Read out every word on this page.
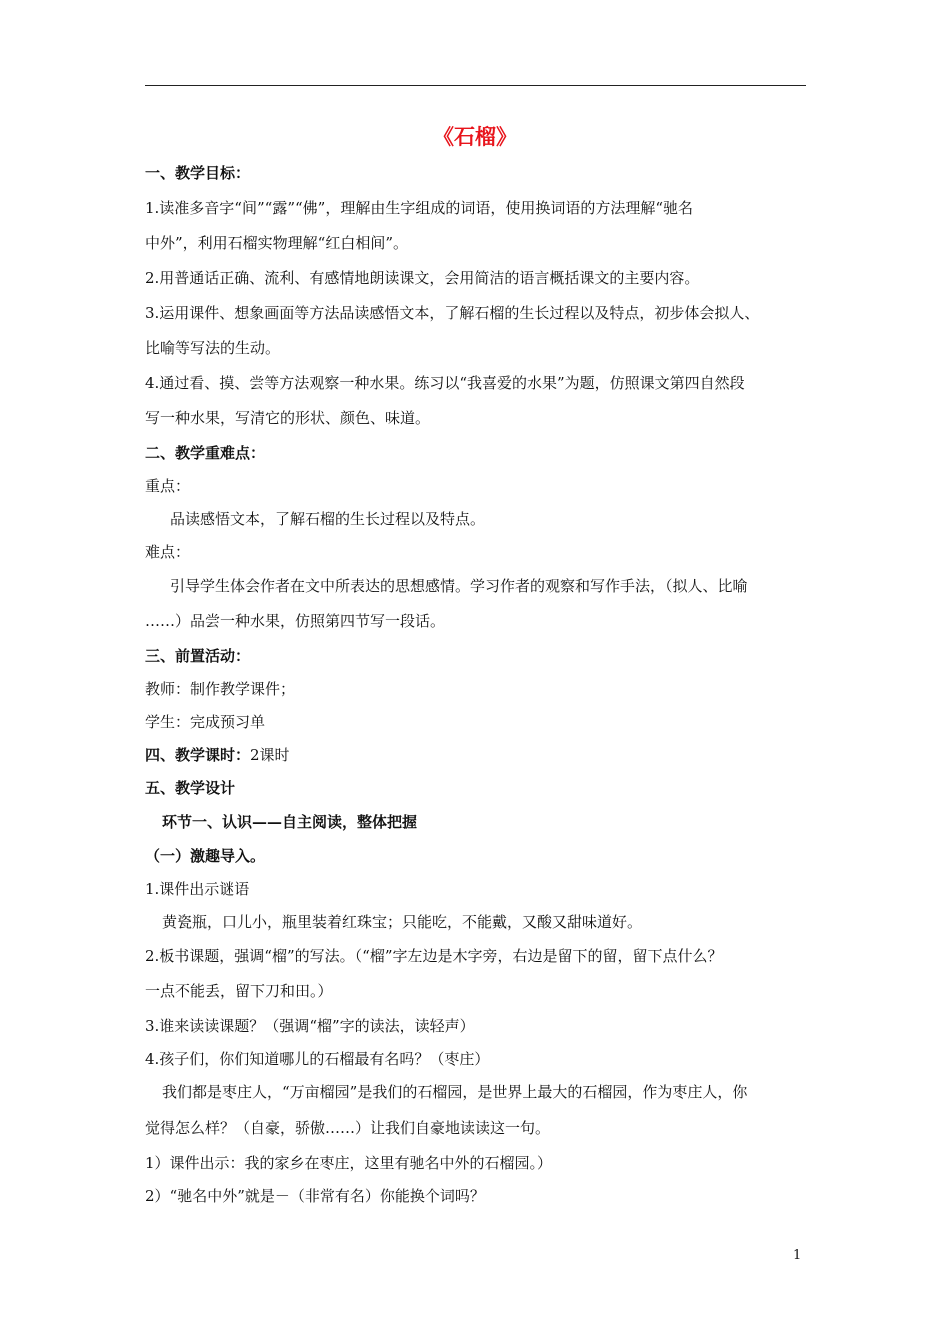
《石榴》
一、教学目标：
1.读准多音字“间”“露”“佛”，理解由生字组成的词语，使用换词语的方法理解“驰名
中外”，利用石榴实物理解“红白相间”。
2.用普通话正确、流利、有感情地朗读课文，会用简洁的语言概括课文的主要内容。
3.运用课件、想象画面等方法品读感悟文本，了解石榴的生长过程以及特点，初步体会拟人、
比喻等写法的生动。
4.通过看、摸、尝等方法观察一种水果。练习以“我喜爱的水果”为题，仿照课文第四自然段
写一种水果，写清它的形状、颜色、味道。
二、教学重难点：
重点：
品读感悟文本，了解石榴的生长过程以及特点。
难点：
引导学生体会作者在文中所表达的思想感情。学习作者的观察和写作手法，（拟人、比喻
……）品尝一种水果，仿照第四节写一段话。
三、前置活动：
教师：制作教学课件；
学生：完成预习单
四、教学课时：2课时
五、教学设计
环节一、认识——自主阅读，整体把握
（一）激趣导入。
1.课件出示谜语
黄瓷瓶，口儿小，瓶里装着红珠宝；只能吃，不能戴，又酸又甜味道好。
2.板书课题，强调“榴”的写法。（“榴”字左边是木字旁，右边是留下的留，留下点什么？
一点不能丢，留下刀和田。）
3.谁来读读课题？（强调“榴”字的读法，读轻声）
4.孩子们，你们知道哪儿的石榴最有名吗？（枣庄）
我们都是枣庄人，“万亩榴园”是我们的石榴园，是世界上最大的石榴园，作为枣庄人，你
觉得怎么样？（自豪，骄傲……）让我们自豪地读读这一句。
1）课件出示：我的家乡在枣庄，这里有驰名中外的石榴园。）
2）“驰名中外”就是－（非常有名）你能换个词吗？
1
